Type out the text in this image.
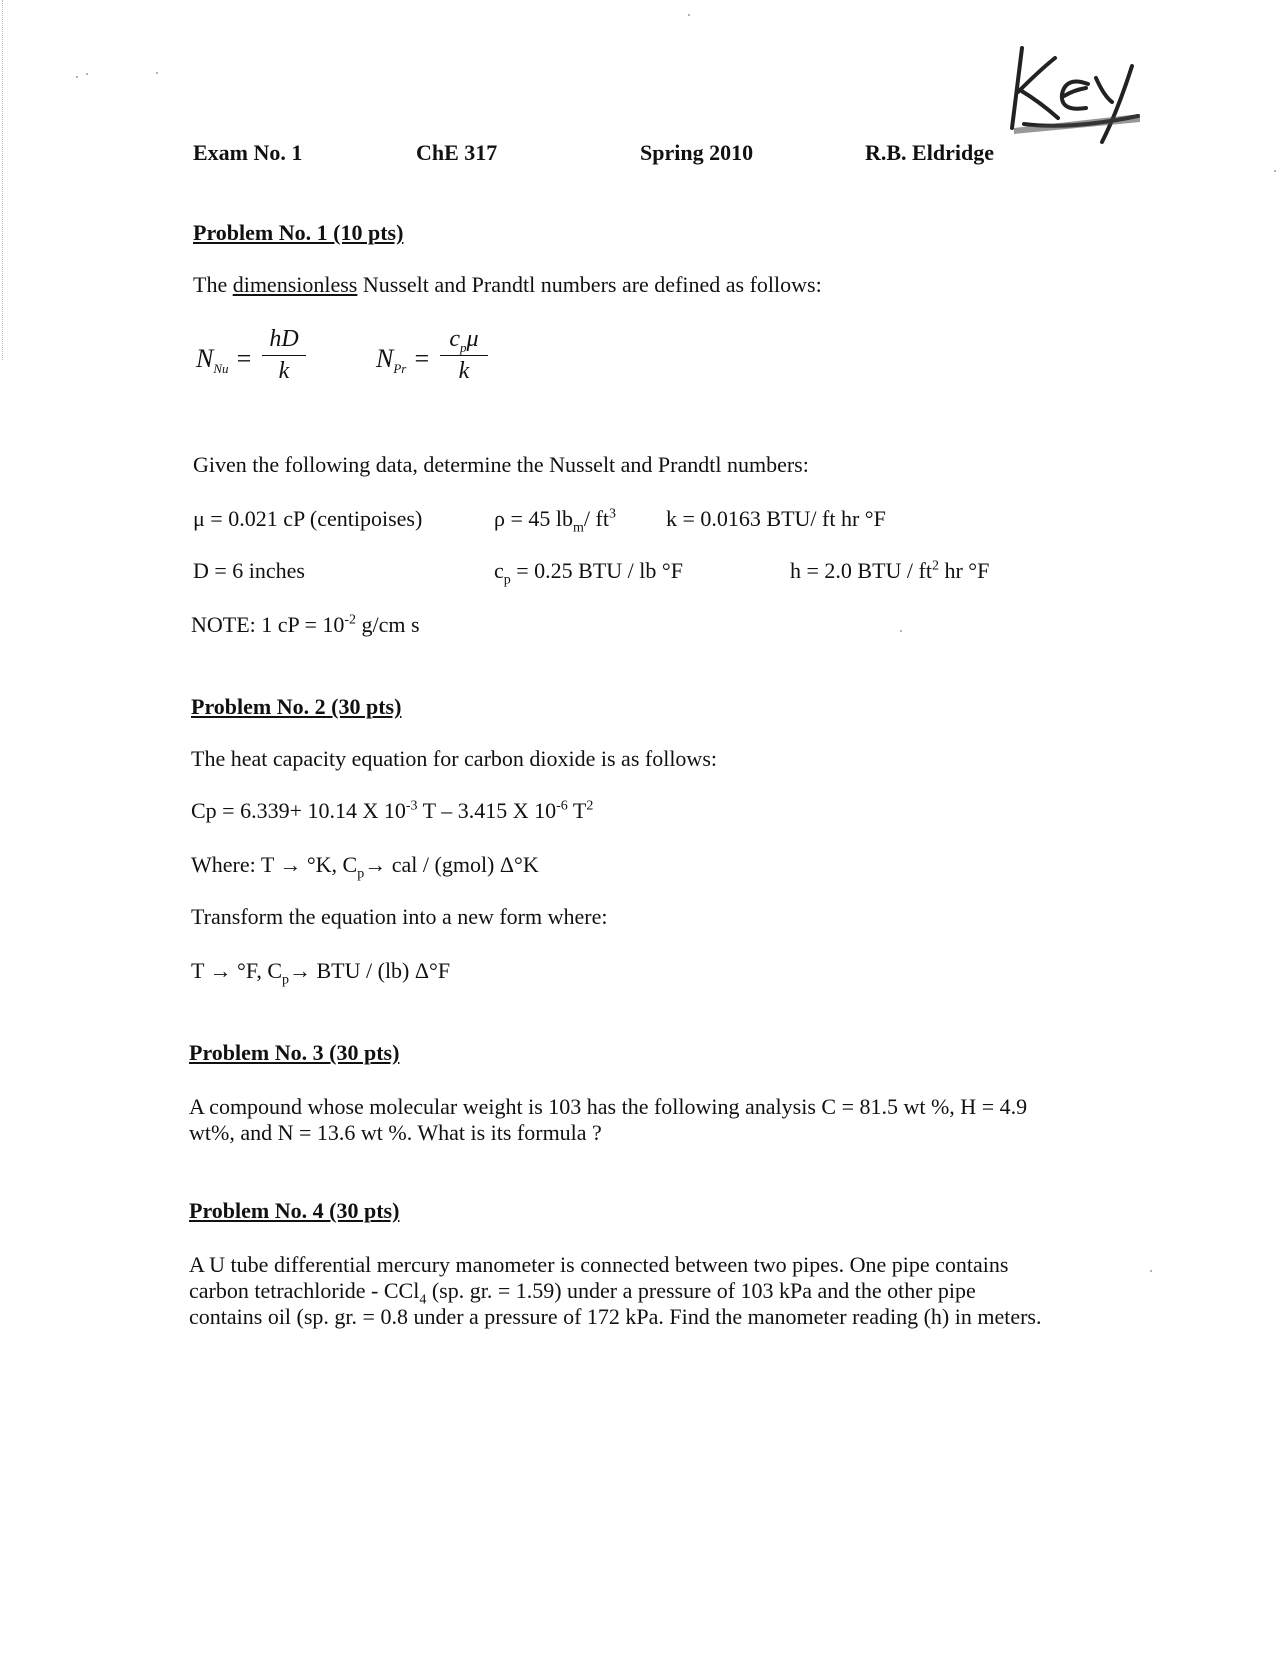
Exam No. 1	ChE 317	Spring 2010	R.B. Eldridge
Problem No. 1 (10 pts)
The dimensionless Nusselt and Prandtl numbers are defined as follows:
$N_{Nu}$ =
hD
k	$N_{Pr}$ =
$c_p\mu$
k
Given the following data, determine the Nusselt and Prandtl numbers:
μ = 0.021 cP (centipoises)	ρ = 45 $lb_m/$ $ft^3$ k = 0.0163 BTU/ ft hr °F
D = 6 inches	$c_p = 0.25$ BTU / lb °F	h = 2.0 BTU / $ft^2$ hr °F
NOTE: 1 cP = $10^{-2}$ g/cm s
Problem No. 2 (30 pts)
The heat capacity equation for carbon dioxide is as follows:
Cp = 6.339+ 10.14 X $10^{-3}$ T – 3.415 X $10^{-6}$ $T^2$
Where: T → °K, $C_p\to$ cal / (gmol) Δ°K
Transform the equation into a new form where:
T → °F, $C_p\to$ BTU / (lb) Δ°F
Problem No. 3 (30 pts)
A compound whose molecular weight is 103 has the following analysis C = 81.5 wt %, H = 4.9
wt%, and N = 13.6 wt %. What is its formula ?
Problem No. 4 (30 pts)
A U tube differential mercury manometer is connected between two pipes. One pipe contains
carbon tetrachloride - CCl$_4$ (sp. gr. = 1.59) under a pressure of 103 kPa and the other pipe
contains oil (sp. gr. = 0.8 under a pressure of 172 kPa. Find the manometer reading (h) in meters.
